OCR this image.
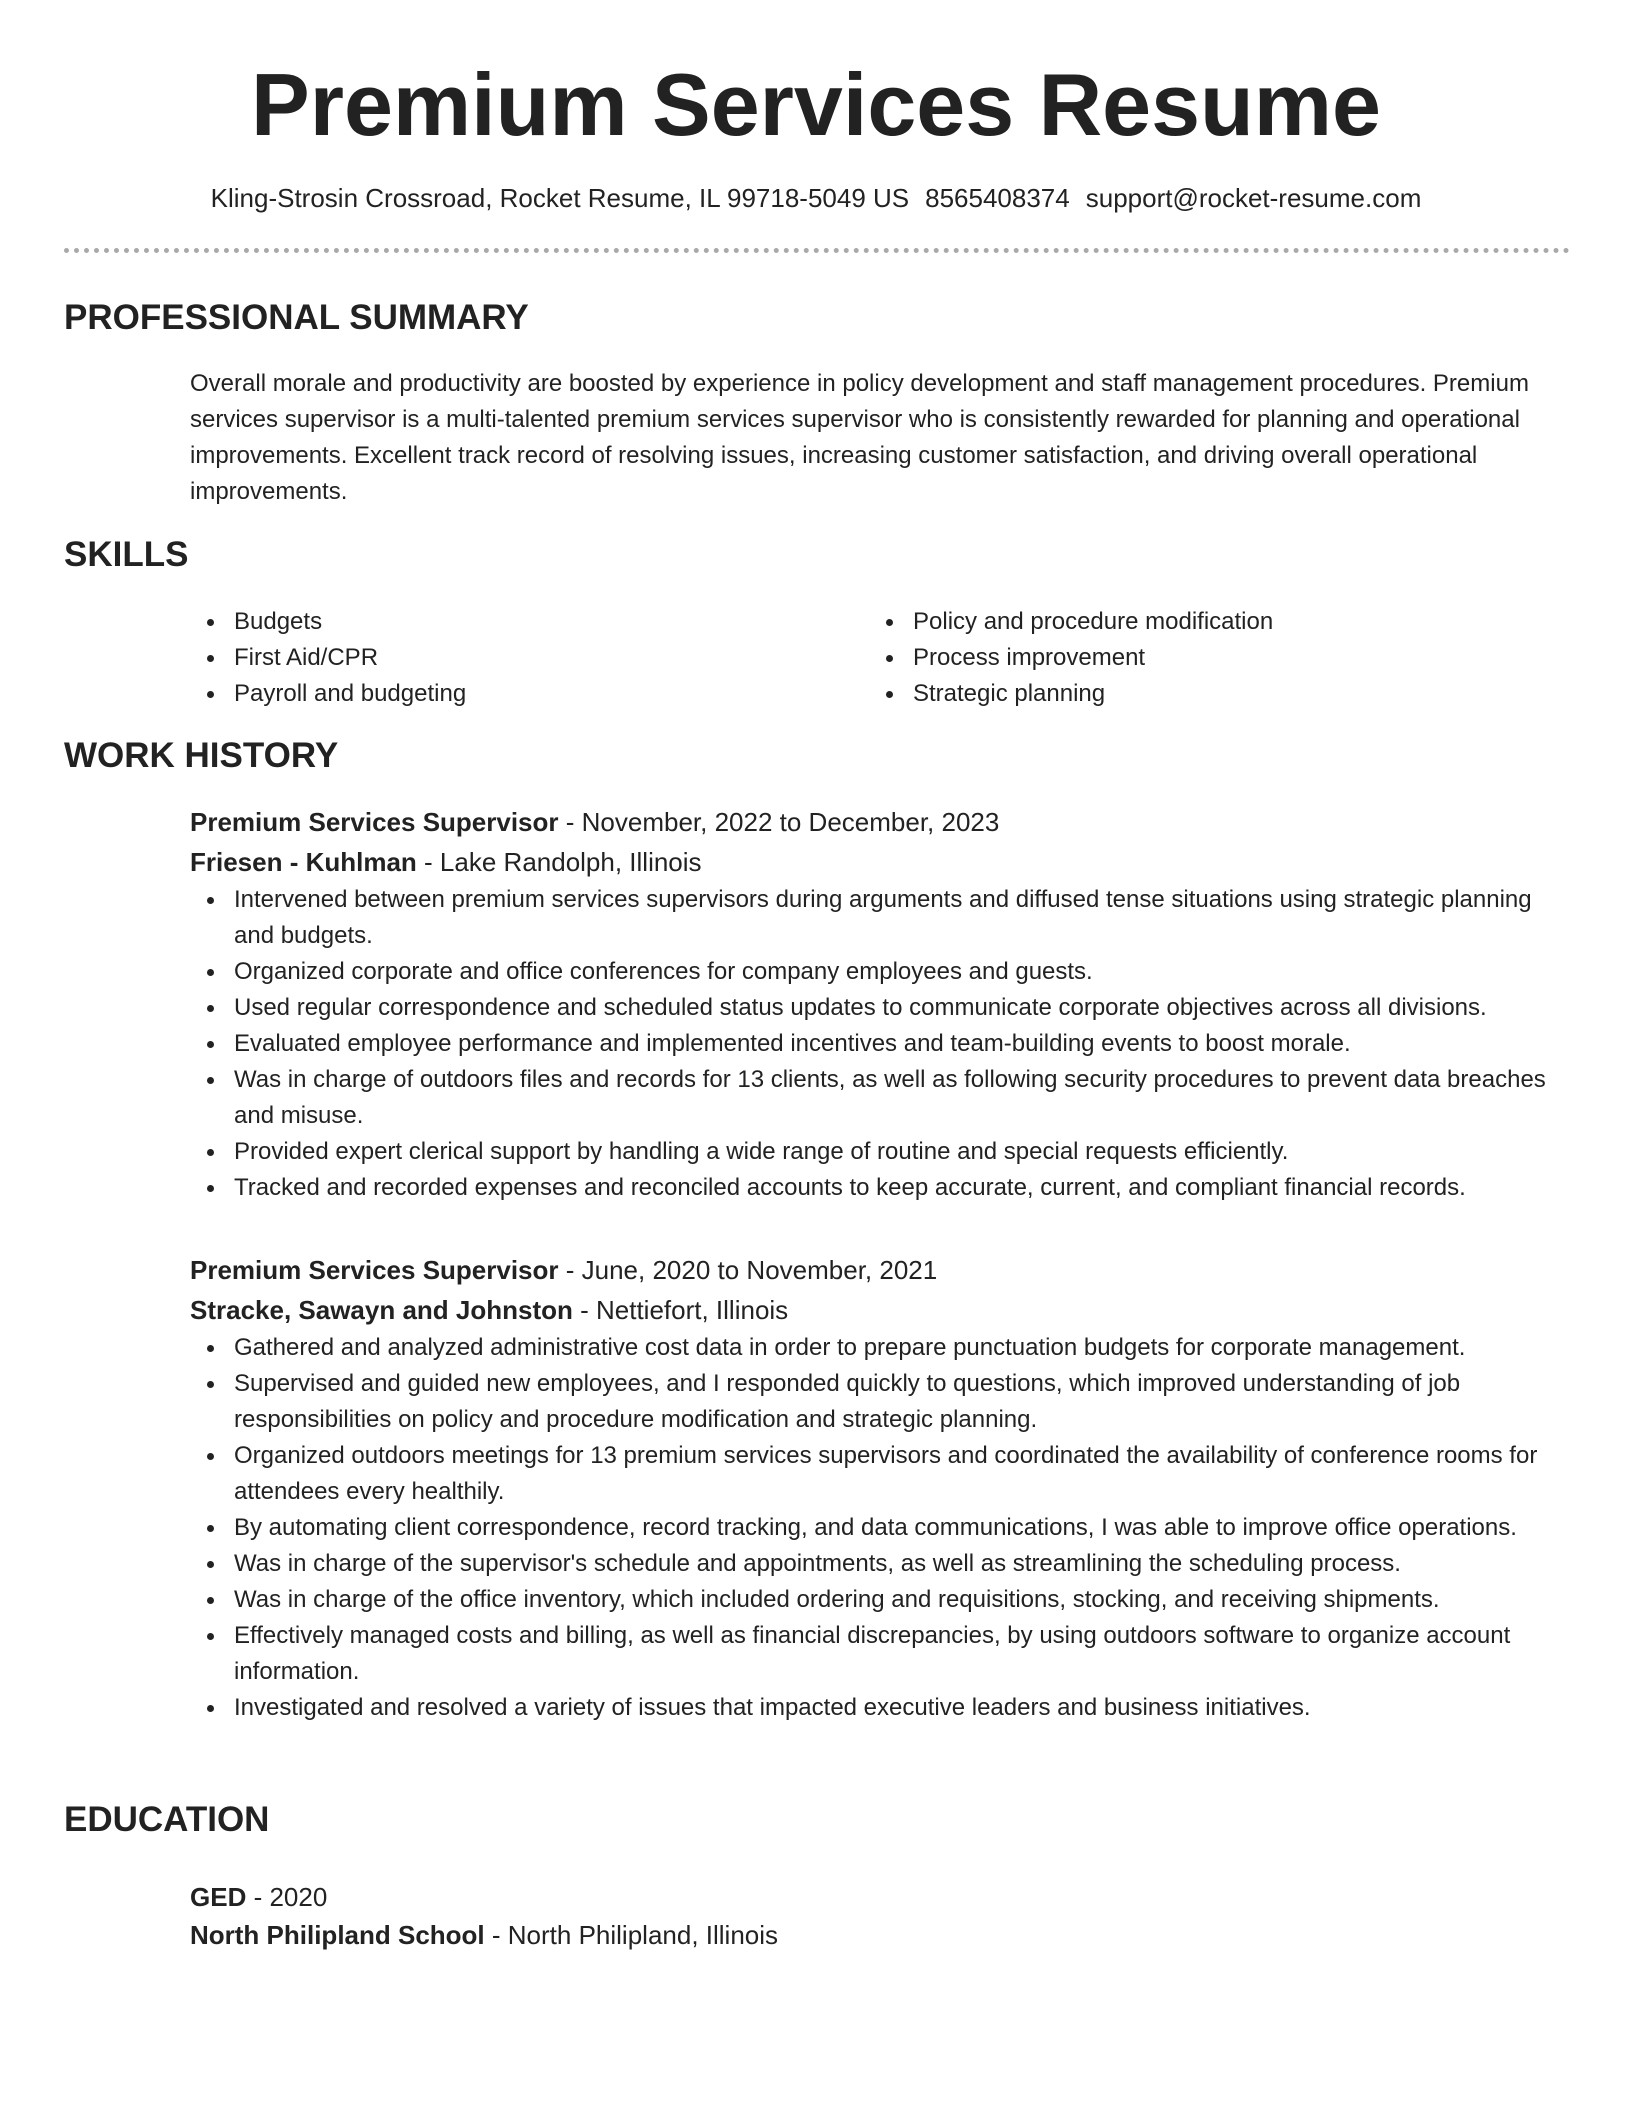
Premium Services Resume
Kling-Strosin Crossroad, Rocket Resume, IL 99718-5049 US 8565408374 support@rocket-resume.com
PROFESSIONAL SUMMARY

Overall morale and productivity are boosted by experience in policy development and staff management procedures. Premium services supervisor is a multi-talented premium services supervisor who is consistently rewarded for planning and operational improvements. Excellent track record of resolving issues, increasing customer satisfaction, and driving overall operational improvements.

SKILLS
Budgets
First Aid/CPR
Payroll and budgeting
Policy and procedure modification
Process improvement
Strategic planning
WORK HISTORY
Premium Services Supervisor - November, 2022 to December, 2023
Friesen - Kuhlman - Lake Randolph, Illinois
Intervened between premium services supervisors during arguments and diffused tense situations using strategic planning and budgets.
Organized corporate and office conferences for company employees and guests.
Used regular correspondence and scheduled status updates to communicate corporate objectives across all divisions.
Evaluated employee performance and implemented incentives and team-building events to boost morale.
Was in charge of outdoors files and records for 13 clients, as well as following security procedures to prevent data breaches and misuse.
Provided expert clerical support by handling a wide range of routine and special requests efficiently.
Tracked and recorded expenses and reconciled accounts to keep accurate, current, and compliant financial records.
Premium Services Supervisor - June, 2020 to November, 2021
Stracke, Sawayn and Johnston - Nettiefort, Illinois
Gathered and analyzed administrative cost data in order to prepare punctuation budgets for corporate management.
Supervised and guided new employees, and I responded quickly to questions, which improved understanding of job responsibilities on policy and procedure modification and strategic planning.
Organized outdoors meetings for 13 premium services supervisors and coordinated the availability of conference rooms for attendees every healthily.
By automating client correspondence, record tracking, and data communications, I was able to improve office operations.
Was in charge of the supervisor's schedule and appointments, as well as streamlining the scheduling process.
Was in charge of the office inventory, which included ordering and requisitions, stocking, and receiving shipments.
Effectively managed costs and billing, as well as financial discrepancies, by using outdoors software to organize account information.
Investigated and resolved a variety of issues that impacted executive leaders and business initiatives.
EDUCATION
GED - 2020
North Philipland School - North Philipland, Illinois
